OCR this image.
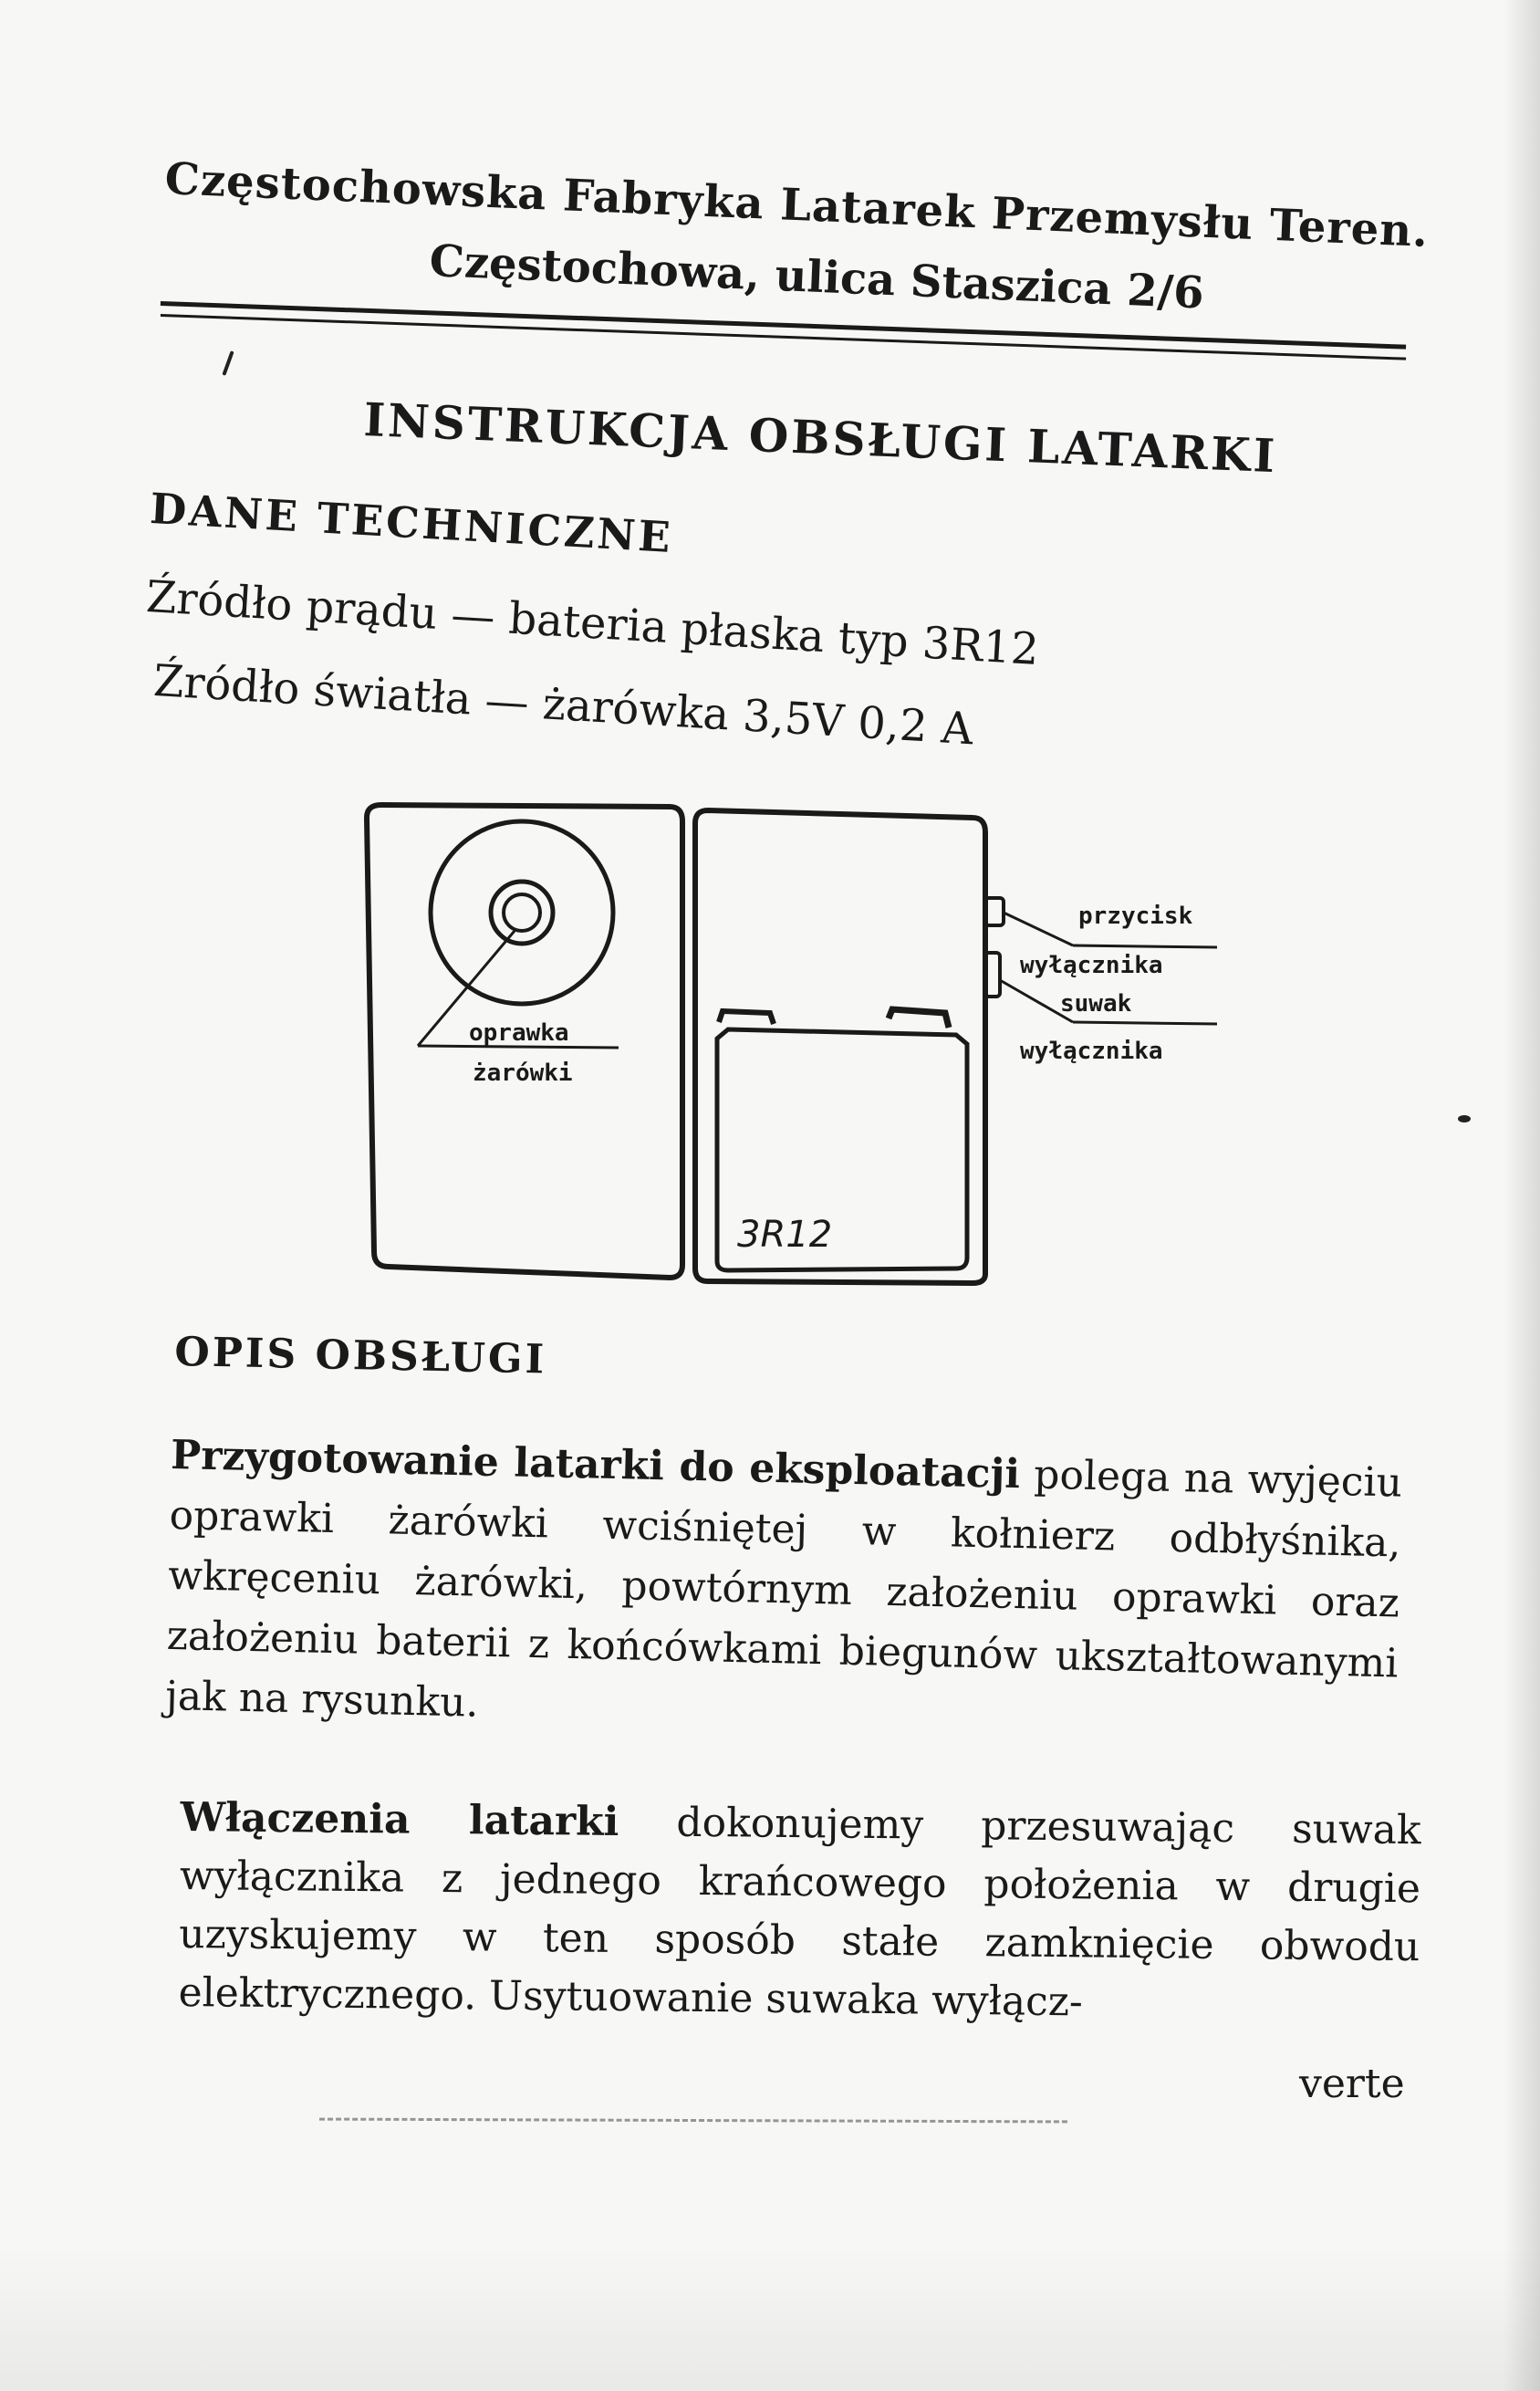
Częstochowska Fabryka Latarek Przemysłu Teren.
Częstochowa, ulica Staszica 2/6
INSTRUKCJA OBSŁUGI LATARKI
DANE TECHNICZNE
Źródło prądu — bateria płaska typ 3R12
Źródło światła — żarówka 3,5V 0,2 A
oprawka
żarówki
3R12
przycisk
wyłącznika
suwak
wyłącznika
OPIS OBSŁUGI
Przygotowanie latarki do eksploatacji polega na wyjęciu oprawki żarówki wciśniętej w kołnierz odbłyśnika, wkręceniu żarówki, powtórnym założeniu oprawki oraz założeniu baterii z końcówkami biegunów ukształtowanymi jak na rysunku.
Włączenia latarki dokonujemy przesuwając suwak wyłącznika z jednego krańcowego położenia w drugie uzyskujemy w ten sposób stałe zamknięcie obwodu elektrycznego. Usytuowanie suwaka wyłącz-
verte
